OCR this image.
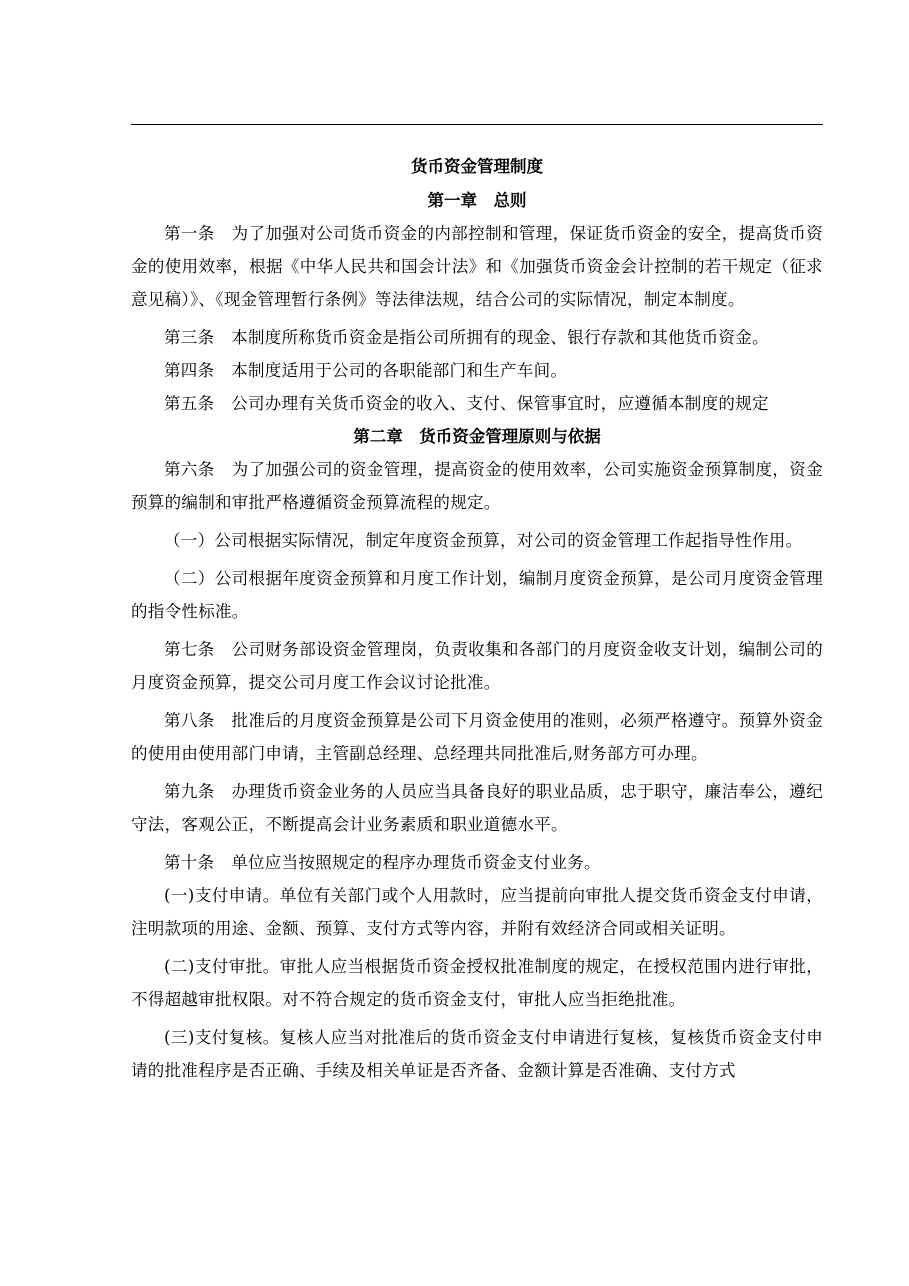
货币资金管理制度

第一章　总则

第一条　为了加强对公司货币资金的内部控制和管理，保证货币资金的安全，提高货币资金的使用效率，根据《中华人民共和国会计法》和《加强货币资金会计控制的若干规定（征求意见稿）》、《现金管理暂行条例》等法律法规，结合公司的实际情况，制定本制度。

第三条　本制度所称货币资金是指公司所拥有的现金、银行存款和其他货币资金。

第四条　本制度适用于公司的各职能部门和生产车间。

第五条　公司办理有关货币资金的收入、支付、保管事宜时，应遵循本制度的规定

第二章　货币资金管理原则与依据

第六条　为了加强公司的资金管理，提高资金的使用效率，公司实施资金预算制度，资金预算的编制和审批严格遵循资金预算流程的规定。

（一）公司根据实际情况，制定年度资金预算，对公司的资金管理工作起指导性作用。

（二）公司根据年度资金预算和月度工作计划，编制月度资金预算，是公司月度资金管理的指令性标准。

第七条　公司财务部设资金管理岗，负责收集和各部门的月度资金收支计划，编制公司的月度资金预算，提交公司月度工作会议讨论批准。

第八条　批准后的月度资金预算是公司下月资金使用的准则，必须严格遵守。预算外资金的使用由使用部门申请，主管副总经理、总经理共同批准后,财务部方可办理。

第九条　办理货币资金业务的人员应当具备良好的职业品质，忠于职守，廉洁奉公，遵纪守法，客观公正，不断提高会计业务素质和职业道德水平。

第十条　单位应当按照规定的程序办理货币资金支付业务。

(一)支付申请。单位有关部门或个人用款时，应当提前向审批人提交货币资金支付申请，注明款项的用途、金额、预算、支付方式等内容，并附有效经济合同或相关证明。

(二)支付审批。审批人应当根据货币资金授权批准制度的规定，在授权范围内进行审批，不得超越审批权限。对不符合规定的货币资金支付，审批人应当拒绝批准。

(三)支付复核。复核人应当对批准后的货币资金支付申请进行复核，复核货币资金支付申请的批准程序是否正确、手续及相关单证是否齐备、金额计算是否准确、支付方式
